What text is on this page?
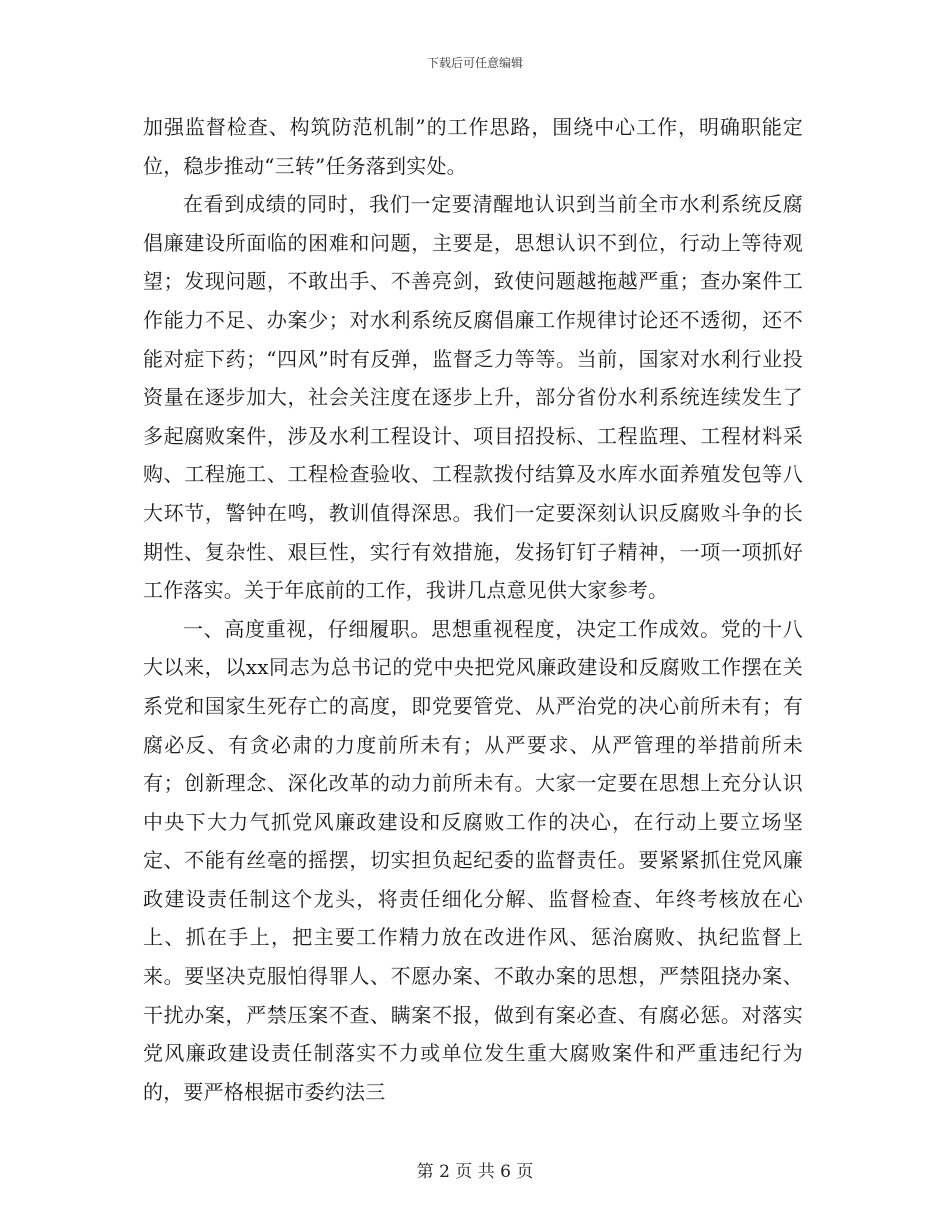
下载后可任意编辑

加强监督检查、构筑防范机制”的工作思路，围绕中心工作，明确职能定位，稳步推动“三转”任务落到实处。

在看到成绩的同时，我们一定要清醒地认识到当前全市水利系统反腐倡廉建设所面临的困难和问题，主要是，思想认识不到位，行动上等待观望；发现问题，不敢出手、不善亮剑，致使问题越拖越严重；查办案件工作能力不足、办案少；对水利系统反腐倡廉工作规律讨论还不透彻，还不能对症下药；“四风”时有反弹，监督乏力等等。当前，国家对水利行业投资量在逐步加大，社会关注度在逐步上升，部分省份水利系统连续发生了多起腐败案件，涉及水利工程设计、项目招投标、工程监理、工程材料采购、工程施工、工程检查验收、工程款拨付结算及水库水面养殖发包等八大环节，警钟在鸣，教训值得深思。我们一定要深刻认识反腐败斗争的长期性、复杂性、艰巨性，实行有效措施，发扬钉钉子精神，一项一项抓好工作落实。关于年底前的工作，我讲几点意见供大家参考。

一、高度重视，仔细履职。思想重视程度，决定工作成效。党的十八大以来，以xx同志为总书记的党中央把党风廉政建设和反腐败工作摆在关系党和国家生死存亡的高度，即党要管党、从严治党的决心前所未有；有腐必反、有贪必肃的力度前所未有；从严要求、从严管理的举措前所未有；创新理念、深化改革的动力前所未有。大家一定要在思想上充分认识中央下大力气抓党风廉政建设和反腐败工作的决心，在行动上要立场坚定、不能有丝毫的摇摆，切实担负起纪委的监督责任。要紧紧抓住党风廉政建设责任制这个龙头，将责任细化分解、监督检查、年终考核放在心上、抓在手上，把主要工作精力放在改进作风、惩治腐败、执纪监督上来。要坚决克服怕得罪人、不愿办案、不敢办案的思想，严禁阻挠办案、干扰办案，严禁压案不查、瞒案不报，做到有案必查、有腐必惩。对落实党风廉政建设责任制落实不力或单位发生重大腐败案件和严重违纪行为的，要严格根据市委约法三

第 2 页 共 6 页
